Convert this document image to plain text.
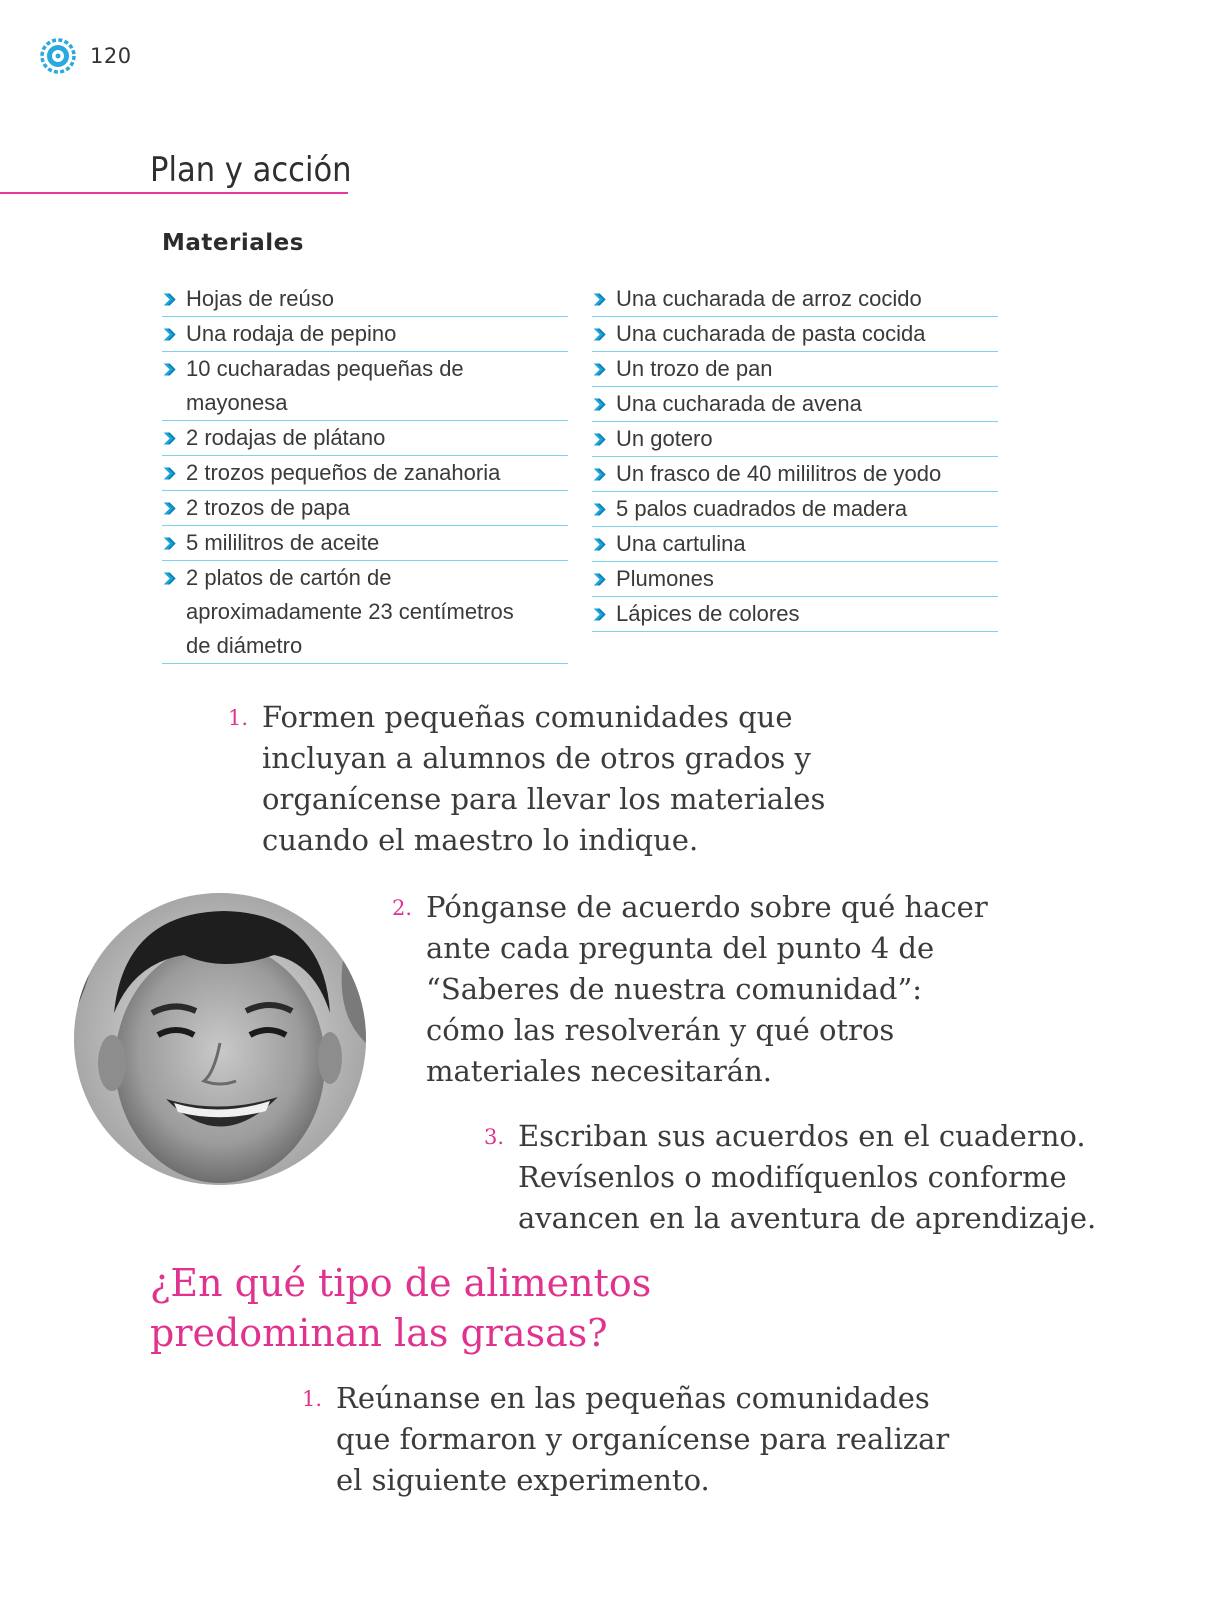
120
Plan y acción
Materiales
Hojas de reúso
Una rodaja de pepino
10 cucharadas pequeñas de
mayonesa
2 rodajas de plátano
2 trozos pequeños de zanahoria
2 trozos de papa
5 mililitros de aceite
2 platos de cartón de
aproximadamente 23 centímetros
de diámetro
Una cucharada de arroz cocido
Una cucharada de pasta cocida
Un trozo de pan
Una cucharada de avena
Un gotero
Un frasco de 40 mililitros de yodo
5 palos cuadrados de madera
Una cartulina
Plumones
Lápices de colores
1. Formen pequeñas comunidades que
incluyan a alumnos de otros grados y
organícense para llevar los materiales
cuando el maestro lo indique.
2. Pónganse de acuerdo sobre qué hacer
ante cada pregunta del punto 4 de
“Saberes de nuestra comunidad”:
cómo las resolverán y qué otros
materiales necesitarán.
3. Escriban sus acuerdos en el cuaderno.
Revísenlos o modifíquenlos conforme
avancen en la aventura de aprendizaje.
¿En qué tipo de alimentos
predominan las grasas?
1. Reúnanse en las pequeñas comunidades
que formaron y organícense para realizar
el siguiente experimento.
